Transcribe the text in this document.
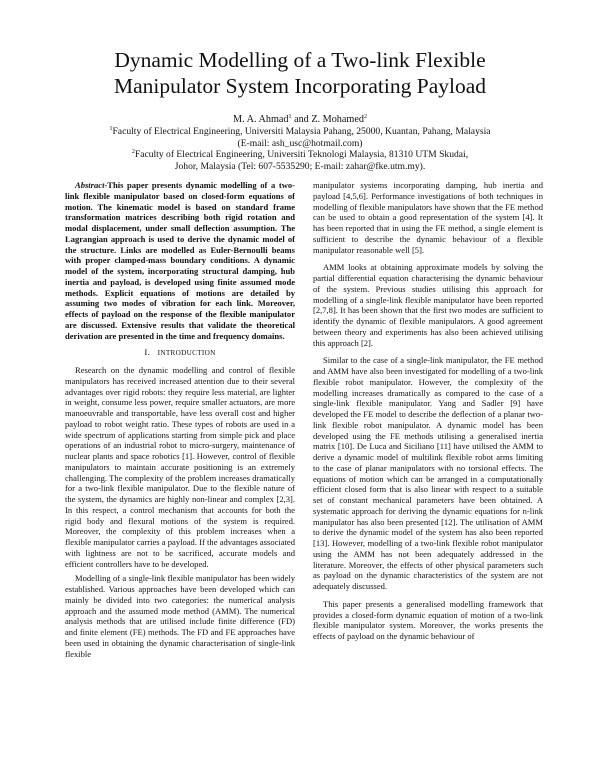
Dynamic Modelling of a Two-link Flexible
Manipulator System Incorporating Payload
M. A. Ahmad$^1$ and Z. Mohamed$^2$
$^1$Faculty of Electrical Engineering, Universiti Malaysia Pahang, 25000, Kuantan, Pahang, Malaysia
(E-mail: ash_usc@hotmail.com)
$^2$Faculty of Electrical Engineering, Universiti Teknologi Malaysia, 81310 UTM Skudai,
Johor, Malaysia (Tel: 607-5535290; E-mail: zahar@fke.utm.my).

Abstract-This paper presents dynamic modelling of a two-link flexible manipulator based on closed-form equations of motion. The kinematic model is based on standard frame transformation matrices describing both rigid rotation and modal displacement, under small deflection assumption. The Lagrangian approach is used to derive the dynamic model of the structure. Links are modelled as Euler-Bernoulli beams with proper clamped-mass boundary conditions. A dynamic model of the system, incorporating structural damping, hub inertia and payload, is developed using finite assumed mode methods. Explicit equations of motions are detailed by assuming two modes of vibration for each link. Moreover, effects of payload on the response of the flexible manipulator are discussed. Extensive results that validate the theoretical derivation are presented in the time and frequency domains.

I. INTRODUCTION

Research on the dynamic modelling and control of flexible manipulators has received increased attention due to their several advantages over rigid robots: they require less material, are lighter in weight, consume less power, require smaller actuators, are more manoeuvrable and transportable, have less overall cost and higher payload to robot weight ratio. These types of robots are used in a wide spectrum of applications starting from simple pick and place operations of an industrial robot to micro-surgery, maintenance of nuclear plants and space robotics [1]. However, control of flexible manipulators to maintain accurate positioning is an extremely challenging. The complexity of the problem increases dramatically for a two-link flexible manipulator. Due to the flexible nature of the system, the dynamics are highly non-linear and complex [2,3]. In this respect, a control mechanism that accounts for both the rigid body and flexural motions of the system is required. Moreover, the complexity of this problem increases when a flexible manipulator carries a payload. If the advantages associated with lightness are not to be sacrificed, accurate models and efficient controllers have to be developed.

Modelling of a single-link flexible manipulator has been widely established. Various approaches have been developed which can mainly be divided into two categories: the numerical analysis approach and the assumed mode method (AMM). The numerical analysis methods that are utilised include finite difference (FD) and finite element (FE) methods. The FD and FE approaches have been used in obtaining the dynamic characterisation of single-link flexible

manipulator systems incorporating damping, hub inertia and payload [4,5,6]. Performance investigations of both techniques in modelling of flexible manipulators have shown that the FE method can be used to obtain a good representation of the system [4]. It has been reported that in using the FE method, a single element is sufficient to describe the dynamic behaviour of a flexible manipulator reasonable well [5].

AMM looks at obtaining approximate models by solving the partial differential equation characterising the dynamic behaviour of the system. Previous studies utilising this approach for modelling of a single-link flexible manipulator have been reported [2,7,8]. It has been shown that the first two modes are sufficient to identify the dynamic of flexible manipulators. A good agreement between theory and experiments has also been achieved utilising this approach [2].

Similar to the case of a single-link manipulator, the FE method and AMM have also been investigated for modelling of a two-link flexible robot manipulator. However, the complexity of the modelling increases dramatically as compared to the case of a single-link flexible manipulator. Yang and Sadler [9] have developed the FE model to describe the deflection of a planar two-link flexible robot manipulator. A dynamic model has been developed using the FE methods utilising a generalised inertia matrix [10]. De Luca and Siciliano [11] have utilised the AMM to derive a dynamic model of multilink flexible robot arms limiting to the case of planar manipulators with no torsional effects. The equations of motion which can be arranged in a computationally efficient closed form that is also linear with respect to a suitable set of constant mechanical parameters have been obtained. A systematic approach for deriving the dynamic equations for n-link manipulator has also been presented [12]. The utilisation of AMM to derive the dynamic model of the system has also been reported [13]. However, modelling of a two-link flexible robot manipulator using the AMM has not been adequately addressed in the literature. Moreover, the effects of other physical parameters such as payload on the dynamic characteristics of the system are not adequately discussed.

This paper presents a generalised modelling framework that provides a closed-form dynamic equation of motion of a two-link flexible manipulator system. Moreover, the works presents the effects of payload on the dynamic behaviour of
